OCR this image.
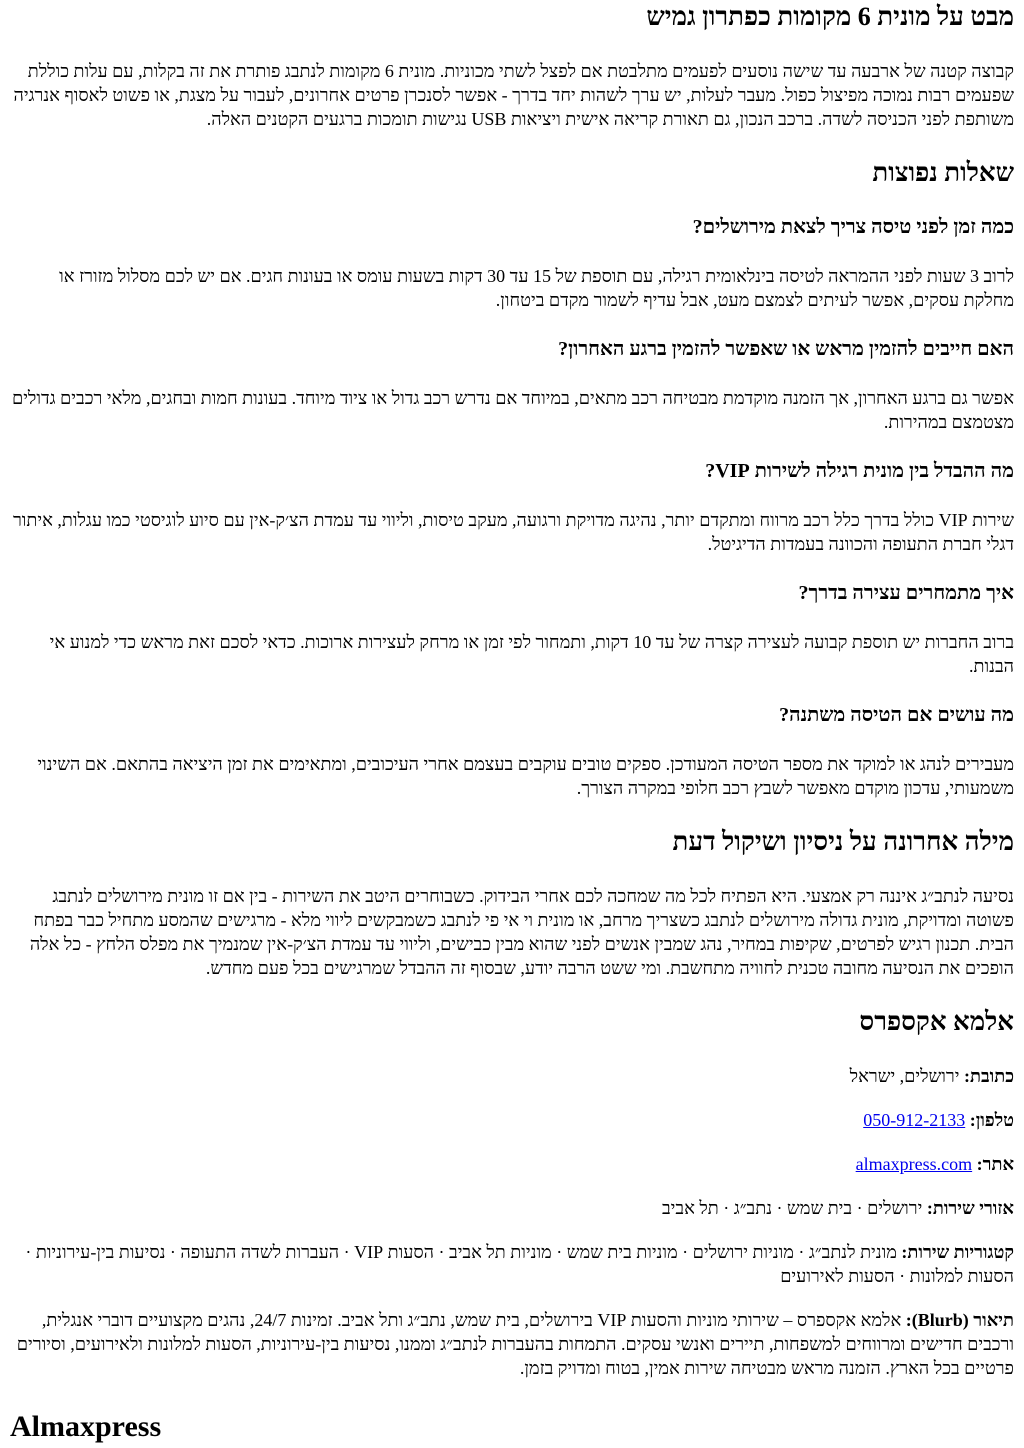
מבט על מונית 6 מקומות כפתרון גמיש

קבוצה קטנה של ארבעה עד שישה נוסעים לפעמים מתלבטת אם לפצל לשתי מכוניות. מונית 6 מקומות לנתבג פותרת את זה בקלות, עם עלות כוללת שפעמים רבות נמוכה מפיצול כפול. מעבר לעלות, יש ערך לשהות יחד בדרך - אפשר לסנכרן פרטים אחרונים, לעבור על מצגת, או פשוט לאסוף אנרגיה משותפת לפני הכניסה לשדה. ברכב הנכון, גם תאורת קריאה אישית ויציאות USB נגישות תומכות ברגעים הקטנים האלה.

שאלות נפוצות
כמה זמן לפני טיסה צריך לצאת מירושלים?

לרוב 3 שעות לפני ההמראה לטיסה בינלאומית רגילה, עם תוספת של 15 עד 30 דקות בשעות עומס או בעונות חגים. אם יש לכם מסלול מזורז או מחלקת עסקים, אפשר לעיתים לצמצם מעט, אבל עדיף לשמור מקדם ביטחון.

האם חייבים להזמין מראש או שאפשר להזמין ברגע האחרון?

אפשר גם ברגע האחרון, אך הזמנה מוקדמת מבטיחה רכב מתאים, במיוחד אם נדרש רכב גדול או ציוד מיוחד. בעונות חמות ובחגים, מלאי רכבים גדולים מצטמצם במהירות.

מה ההבדל בין מונית רגילה לשירות VIP?

שירות VIP כולל בדרך כלל רכב מרווח ומתקדם יותר, נהיגה מדויקת ורגועה, מעקב טיסות, וליווי עד עמדת הצ׳ק-אין עם סיוע לוגיסטי כמו עגלות, איתור דגלי חברת התעופה והכוונה בעמדות הדיגיטל.

איך מתמחרים עצירה בדרך?

ברוב החברות יש תוספת קבועה לעצירה קצרה של עד 10 דקות, ותמחור לפי זמן או מרחק לעצירות ארוכות. כדאי לסכם זאת מראש כדי למנוע אי הבנות.

מה עושים אם הטיסה משתנה?

מעבירים לנהג או למוקד את מספר הטיסה המעודכן. ספקים טובים עוקבים בעצמם אחרי העיכובים, ומתאימים את זמן היציאה בהתאם. אם השינוי משמעותי, עדכון מוקדם מאפשר לשבץ רכב חלופי במקרה הצורך.

מילה אחרונה על ניסיון ושיקול דעת

נסיעה לנתב״ג איננה רק אמצעי. היא הפתיח לכל מה שמחכה לכם אחרי הבידוק. כשבוחרים היטב את השירות - בין אם זו מונית מירושלים לנתבג פשוטה ומדויקת, מונית גדולה מירושלים לנתבג כשצריך מרחב, או מונית וי אי פי לנתבג כשמבקשים ליווי מלא - מרגישים שהמסע מתחיל כבר בפתח הבית. תכנון רגיש לפרטים, שקיפות במחיר, נהג שמבין אנשים לפני שהוא מבין כבישים, וליווי עד עמדת הצ׳ק-אין שמנמיך את מפלס הלחץ - כל אלה הופכים את הנסיעה מחובה טכנית לחוויה מתחשבת. ומי ששט הרבה יודע, שבסוף זה ההבדל שמרגישים בכל פעם מחדש.

אלמא אקספרס

כתובת: ירושלים, ישראל

טלפון: 050-912-2133

אתר: almaxpress.com

אזורי שירות: ירושלים · בית שמש · נתב״ג · תל אביב

קטגוריות שירות: מונית לנתב״ג · מוניות ירושלים · מוניות בית שמש · מוניות תל אביב · הסעות VIP · העברות לשדה התעופה · נסיעות בין-עירוניות · הסעות למלונות · הסעות לאירועים

תיאור (Blurb): אלמא אקספרס – שירותי מוניות והסעות VIP בירושלים, בית שמש, נתב״ג ותל אביב. זמינות 24/7, נהגים מקצועיים דוברי אנגלית, ורכבים חדישים ומרווחים למשפחות, תיירים ואנשי עסקים. התמחות בהעברות לנתב״ג וממנו, נסיעות בין-עירוניות, הסעות למלונות ולאירועים, וסיורים פרטיים בכל הארץ. הזמנה מראש מבטיחה שירות אמין, בטוח ומדויק בזמן.

Almaxpress
